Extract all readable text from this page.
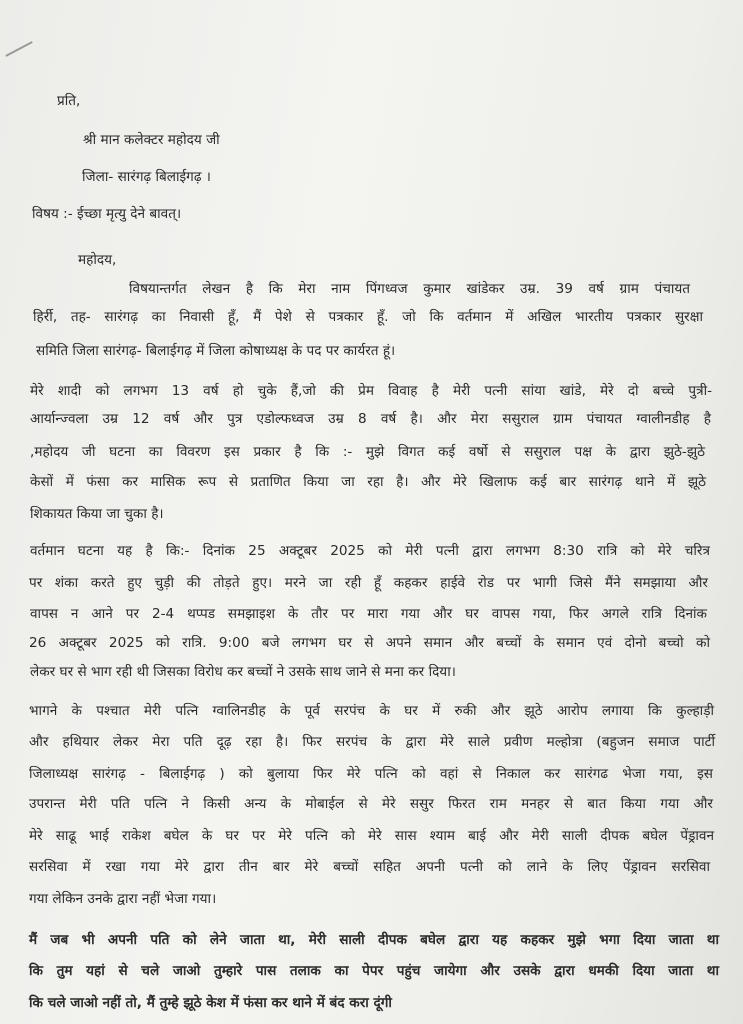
प्रति,

श्री मान कलेक्टर महोदय जी

जिला- सारंगढ़ बिलाईगढ़ ।

विषय :- ईच्छा मृत्यु देने बावत्।

महोदय,

विषयान्तर्गत लेखन है कि मेरा नाम पिंगध्वज कुमार खांडेकर उम्र. 39 वर्ष ग्राम पंचायत

हिर्री, तह- सारंगढ़ का निवासी हूँ, मैं पेशे से पत्रकार हूँ. जो कि वर्तमान में अखिल भारतीय पत्रकार सुरक्षा

समिति जिला सारंगढ़- बिलाईगढ़ में जिला कोषाध्यक्ष के पद पर कार्यरत हूं।

मेरे शादी को लगभग 13 वर्ष हो चुके हैं,जो की प्रेम विवाह है मेरी पत्नी सांया खांडे, मेरे दो बच्चे पुत्री-

आर्यान्ज्वला उम्र 12 वर्ष और पुत्र एडोल्फध्वज उम्र 8 वर्ष है। और मेरा ससुराल ग्राम पंचायत ग्वालीनडीह है

,महोदय जी घटना का विवरण इस प्रकार है कि :- मुझे विगत कई वर्षो से ससुराल पक्ष के द्वारा झुठे-झुठे

केसों में फंसा कर मासिक रूप से प्रताणित किया जा रहा है। और मेरे खिलाफ कई बार सारंगढ़ थाने में झूठे

शिकायत किया जा चुका है।

वर्तमान घटना यह है कि:- दिनांक 25 अक्टूबर 2025 को मेरी पत्नी द्वारा लगभग 8:30 रात्रि को मेरे चरित्र

पर शंका करते हुए चुड़ी की तोड़ते हुए। मरने जा रही हूँ कहकर हाईवे रोड पर भागी जिसे मैंने समझाया और

वापस न आने पर 2-4 थप्पड समझाइश के तौर पर मारा गया और घर वापस गया, फिर अगले रात्रि दिनांक

26 अक्टूबर 2025 को रात्रि. 9:00 बजे लगभग घर से अपने समान और बच्चों के समान एवं दोनो बच्चो को

लेकर घर से भाग रही थी जिसका विरोध कर बच्चों ने उसके साथ जाने से मना कर दिया।

भागने के पश्चात मेरी पत्नि ग्वालिनडीह के पूर्व सरपंच के घर में रुकी और झूठे आरोप लगाया कि कुल्हाड़ी

और हथियार लेकर मेरा पति दूढ़ रहा है। फिर सरपंच के द्वारा मेरे साले प्रवीण मल्होत्रा (बहुजन समाज पार्टी

जिलाध्यक्ष सारंगढ़ - बिलाईगढ़ ) को बुलाया फिर मेरे पत्नि को वहां से निकाल कर सारंगढ भेजा गया, इस

उपरान्त मेरी पति पत्नि ने किसी अन्य के मोबाईल से मेरे ससुर फिरत राम मनहर से बात किया गया और

मेरे साढू भाई राकेश बघेल के घर पर मेरे पत्नि को मेरे सास श्याम बाई और मेरी साली दीपक बघेल पेंड्रावन

सरसिवा में रखा गया मेरे द्वारा तीन बार मेरे बच्चों सहित अपनी पत्नी को लाने के लिए पेंड्रावन सरसिवा

गया लेकिन उनके द्वारा नहीं भेजा गया।

मैं जब भी अपनी पति को लेने जाता था, मेरी साली दीपक बघेल द्वारा यह कहकर मुझे भगा दिया जाता था

कि तुम यहां से चले जाओ तुम्हारे पास तलाक का पेपर पहुंच जायेगा और उसके द्वारा धमकी दिया जाता था

कि चले जाओ नहीं तो, मैं तुम्हे झूठे केश में फंसा कर थाने में बंद करा दूंगी
